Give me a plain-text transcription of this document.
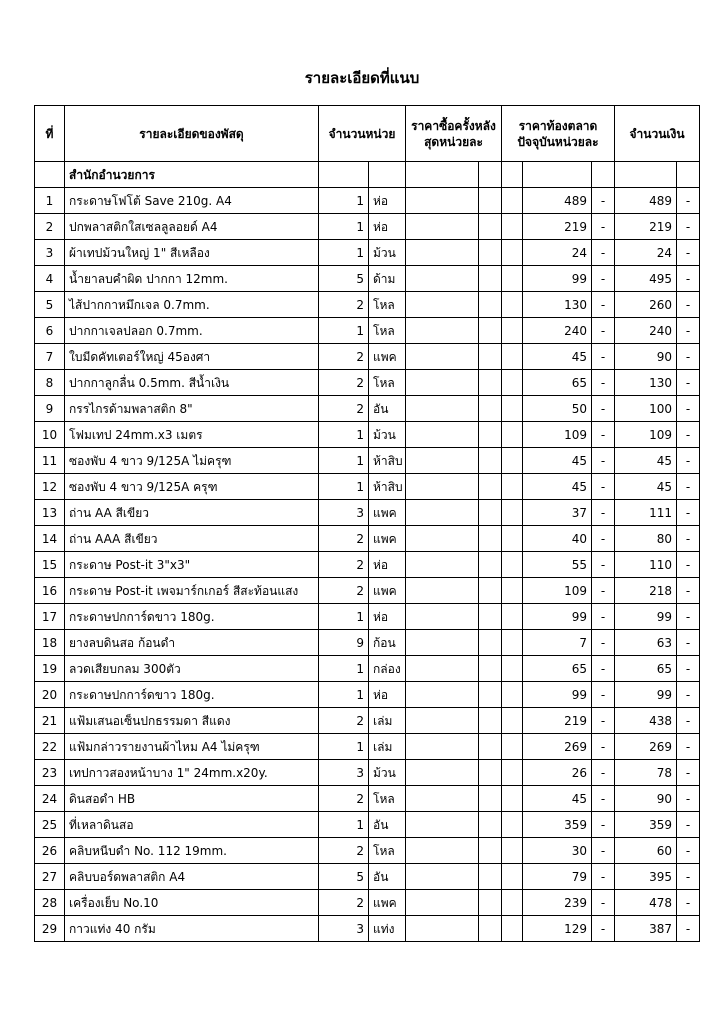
รายละเอียดที่แนบ
ที่	รายละเอียดของพัสดุ	จำนวนหน่วย		ราคาซื้อครั้งหลังสุดหน่วยละ		ราคาท้องตลาดปัจจุบันหน่วยละ			จำนวนเงิน	
	สำนักอำนวยการ									
1	กระดาษโฟโต้ Save 210g. A4	1	ห่อ				489	-	489	-
2	ปกพลาสติกใสเซลลูลอยด์ A4	1	ห่อ				219	-	219	-
3	ผ้าเทปม้วนใหญ่ 1" สีเหลือง	1	ม้วน				24	-	24	-
4	น้ำยาลบคำผิด ปากกา 12mm.	5	ด้าม				99	-	495	-
5	ไส้ปากกาหมึกเจล 0.7mm.	2	โหล				130	-	260	-
6	ปากกาเจลปลอก 0.7mm.	1	โหล				240	-	240	-
7	ใบมีดคัทเตอร์ใหญ่ 45องศา	2	แพค				45	-	90	-
8	ปากกาลูกลื่น 0.5mm. สีน้ำเงิน	2	โหล				65	-	130	-
9	กรรไกรด้ามพลาสติก 8"	2	อัน				50	-	100	-
10	โฟมเทป 24mm.x3 เมตร	1	ม้วน				109	-	109	-
11	ซองพับ 4 ขาว 9/125A ไม่ครุฑ	1	ห้าสิบ				45	-	45	-
12	ซองพับ 4 ขาว 9/125A ครุฑ	1	ห้าสิบ				45	-	45	-
13	ถ่าน AA สีเขียว	3	แพค				37	-	111	-
14	ถ่าน AAA สีเขียว	2	แพค				40	-	80	-
15	กระดาษ Post-it 3"x3"	2	ห่อ				55	-	110	-
16	กระดาษ Post-it เพจมาร์กเกอร์ สีสะท้อนแสง	2	แพค				109	-	218	-
17	กระดาษปกการ์ดขาว 180g.	1	ห่อ				99	-	99	-
18	ยางลบดินสอ ก้อนดำ	9	ก้อน				7	-	63	-
19	ลวดเสียบกลม 300ตัว	1	กล่อง				65	-	65	-
20	กระดาษปกการ์ดขาว 180g.	1	ห่อ				99	-	99	-
21	แฟ้มเสนอเซ็นปกธรรมดา สีแดง	2	เล่ม				219	-	438	-
22	แฟ้มกล่าวรายงานผ้าไหม A4 ไม่ครุฑ	1	เล่ม				269	-	269	-
23	เทปกาวสองหน้าบาง 1" 24mm.x20y.	3	ม้วน				26	-	78	-
24	ดินสอดำ HB	2	โหล				45	-	90	-
25	ที่เหลาดินสอ	1	อัน				359	-	359	-
26	คลิบหนีบดำ No. 112 19mm.	2	โหล				30	-	60	-
27	คลิบบอร์ดพลาสติก A4	5	อัน				79	-	395	-
28	เครื่องเย็บ No.10	2	แพค				239	-	478	-
29	กาวแท่ง 40 กรัม	3	แท่ง				129	-	387	-
